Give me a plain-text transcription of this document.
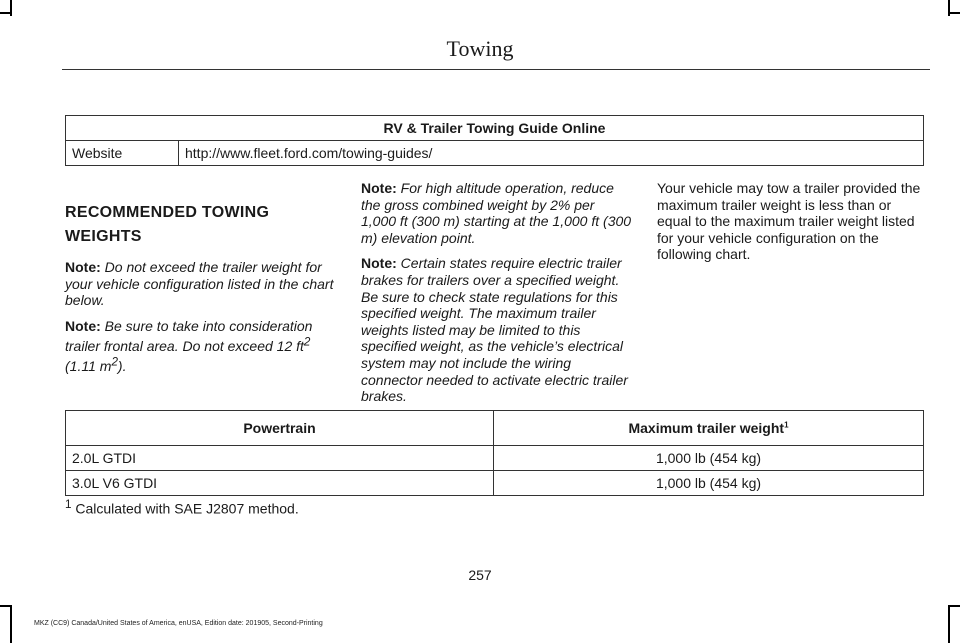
Towing
RV & Trailer Towing Guide Online
Website	http://www.fleet.ford.com/towing-guides/
RECOMMENDED TOWING
WEIGHTS

Note: Do not exceed the trailer weight for your vehicle configuration listed in the chart below.

Note: Be sure to take into consideration trailer frontal area. Do not exceed 12 $ft^2$ (1.11 $m^2$).

Note: For high altitude operation, reduce the gross combined weight by 2% per 1,000 ft (300 m) starting at the 1,000 ft (300 m) elevation point.

Note: Certain states require electric trailer brakes for trailers over a specified weight. Be sure to check state regulations for this specified weight. The maximum trailer weights listed may be limited to this specified weight, as the vehicle’s electrical system may not include the wiring connector needed to activate electric trailer brakes.

Your vehicle may tow a trailer provided the maximum trailer weight is less than or equal to the maximum trailer weight listed for your vehicle configuration on the following chart.

Powertrain	Maximum trailer weight$^1$
2.0L GTDI	1,000 lb (454 kg)
3.0L V6 GTDI	1,000 lb (454 kg)
$^1$ Calculated with SAE J2807 method.
257
MKZ (CC9) Canada/United States of America, enUSA, Edition date: 201905, Second-Printing
